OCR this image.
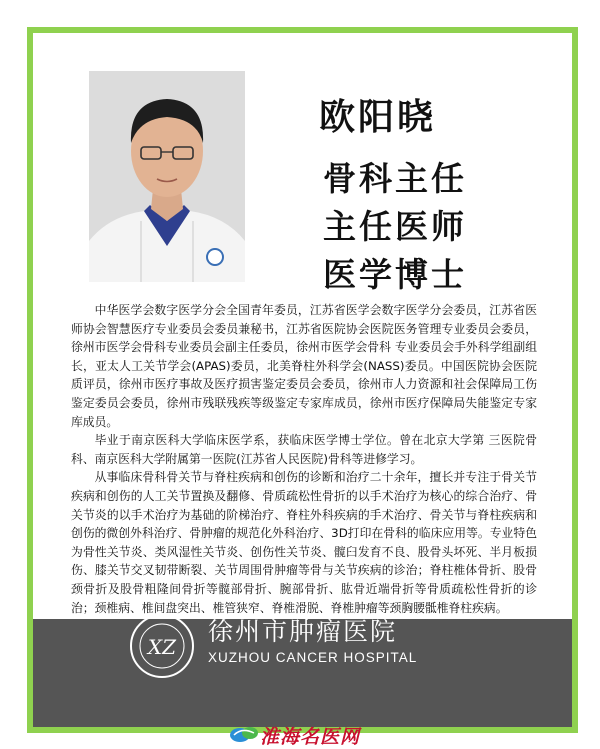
欧阳晓
骨科主任
主任医师
医学博士

中华医学会数字医学分会全国青年委员，江苏省医学会数字医学分会委员，江苏省医师协会智慧医疗专业委员会委员兼秘书，江苏省医院协会医院医务管理专业委员会委员，徐州市医学会骨科专业委员会副主任委员，徐州市医学会骨科 专业委员会手外科学组副组长，亚太人工关节学会(APAS)委员，北美脊柱外科学会(NASS)委员。中国医院协会医院质评员，徐州市医疗事故及医疗损害鉴定委员会委员，徐州市人力资源和社会保障局工伤鉴定委员会委员，徐州市残联残疾等级鉴定专家库成员，徐州市医疗保障局失能鉴定专家库成员。

毕业于南京医科大学临床医学系，获临床医学博士学位。曾在北京大学第 三医院骨科、南京医科大学附属第一医院(江苏省人民医院)骨科等进修学习。

从事临床骨科骨关节与脊柱疾病和创伤的诊断和治疗二十余年，擅长并专注于骨关节疾病和创伤的人工关节置换及翻修、骨质疏松性骨折的以手术治疗为核心的综合治疗、骨关节炎的以手术治疗为基础的阶梯治疗、脊柱外科疾病的手术治疗、骨关节与脊柱疾病和创伤的微创外科治疗、骨肿瘤的规范化外科治疗、3D打印在骨科的临床应用等。专业特色为骨性关节炎、类风湿性关节炎、创伤性关节炎、髋臼发育不良、股骨头坏死、半月板损伤、膝关节交叉韧带断裂、关节周围骨肿瘤等骨与关节疾病的诊治；脊柱椎体骨折、股骨颈骨折及股骨粗隆间骨折等髋部骨折、腕部骨折、肱骨近端骨折等骨质疏松性骨折的诊治；颈椎病、椎间盘突出、椎管狭窄、脊椎滑脱、脊椎肿瘤等颈胸腰骶椎脊柱疾病。

XZ
徐州市肿瘤医院
XUZHOU CANCER HOSPITAL
淮海名医网
